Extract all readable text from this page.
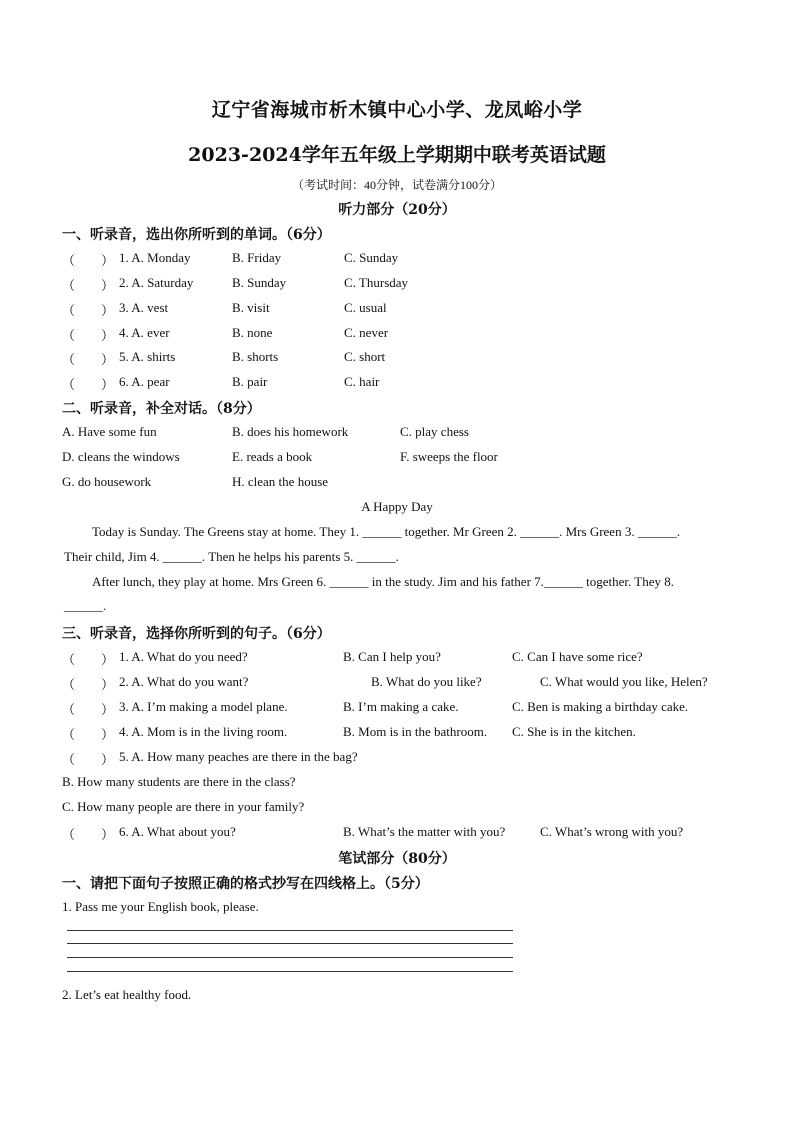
辽宁省海城市析木镇中心小学、龙凤峪小学
2023-2024学年五年级上学期期中联考英语试题
（考试时间：40分钟，试卷满分100分）
听力部分（20分）
一、听录音，选出你所听到的单词。（6分）
（　　） 1. A. Monday	B. Friday	C. Sunday
（　　） 2. A. Saturday	B. Sunday	C. Thursday
（　　） 3. A. vest	B. visit	C. usual
（　　） 4. A. ever	B. none	C. never
（　　） 5. A. shirts	B. shorts	C. short
（　　） 6. A. pear	B. pair	C. hair
二、听录音，补全对话。（8分）
A. Have some fun	B. does his homework	C. play chess
D. cleans the windows	E. reads a book	F. sweeps the floor
G. do housework	H. clean the house
A Happy Day
Today is Sunday. The Greens stay at home. They 1. ______ together. Mr Green 2. ______. Mrs Green 3. ______.
Their child, Jim 4. ______. Then he helps his parents 5. ______.
After lunch, they play at home. Mrs Green 6. ______ in the study. Jim and his father 7.______ together. They 8.
______.
三、听录音，选择你所听到的句子。（6分）
（　　） 1. A. What do you need?	B. Can I help you?	C. Can I have some rice?
（　　） 2. A. What do you want?	B. What do you like?	C. What would you like, Helen?
（　　） 3. A. I’m making a model plane.	B. I’m making a cake.	C. Ben is making a birthday cake.
（　　） 4. A. Mom is in the living room.	B. Mom is in the bathroom. C. She is in the kitchen.
（　　） 5. A. How many peaches are there in the bag?
B. How many students are there in the class?
C. How many people are there in your family?
（　　） 6. A. What about you?	B. What’s the matter with you?	C. What’s wrong with you?
笔试部分（80分）
一、请把下面句子按照正确的格式抄写在四线格上。（5分）
1. Pass me your English book, please.
2. Let’s eat healthy food.
